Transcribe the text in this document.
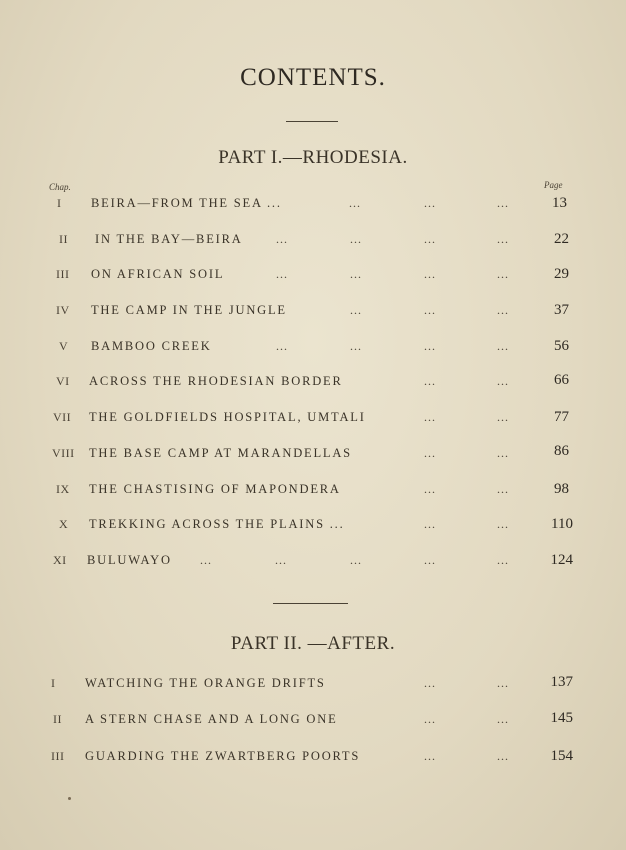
CONTENTS.
PART I.—RHODESIA.
Chap.	Page
I BEIRA—FROM THE SEA ...	...	...	...	13
II IN THE BAY—BEIRA	...	...	...	...	22
III ON AFRICAN SOIL	...	...	...	...	29
IV THE CAMP IN THE JUNGLE	...	...	...	37
V BAMBOO CREEK	...	...	...	...	56
VI ACROSS THE RHODESIAN BORDER	...	...	66
VII THE GOLDFIELDS HOSPITAL, UMTALI	...	...	77
VIII THE BASE CAMP AT MARANDELLAS	...	...	86
IX THE CHASTISING OF MAPONDERA	...	...	98
X TREKKING ACROSS THE PLAINS ...	...	...	110
XI BULUWAYO ...	...	...	...	...	124
PART II. —AFTER.
I WATCHING THE ORANGE DRIFTS	...	...	137
II A STERN CHASE AND A LONG ONE	...	...	145
III GUARDING THE ZWARTBERG POORTS	...	...	154
